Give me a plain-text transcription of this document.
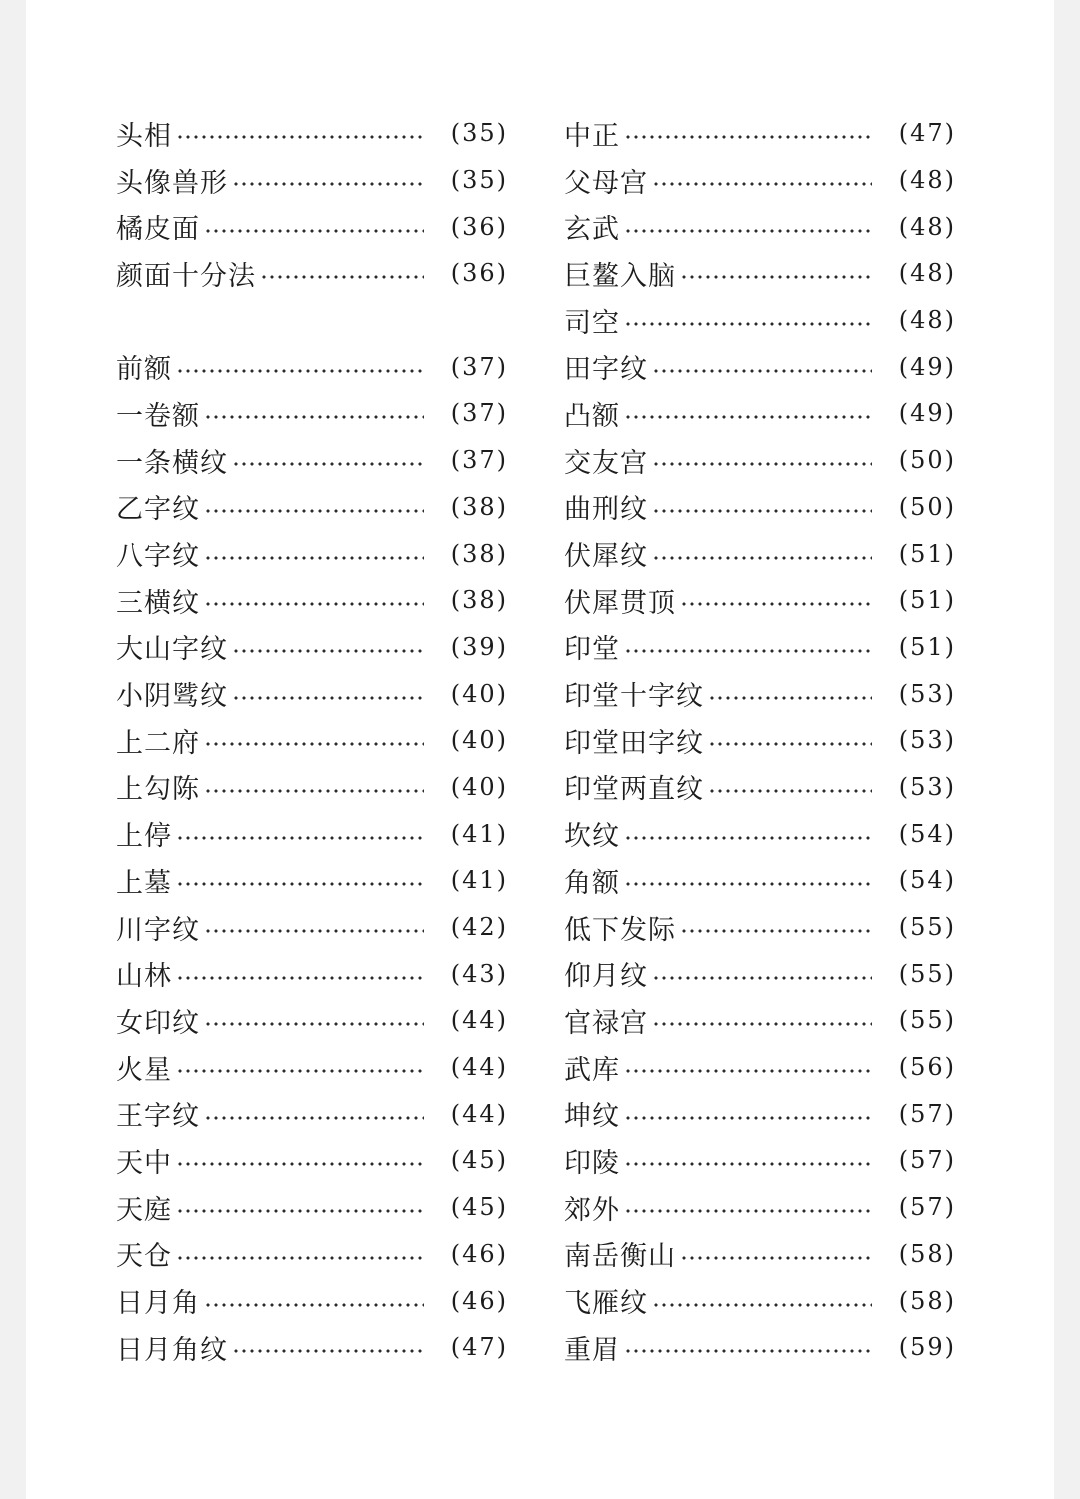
头相	(35)
头像兽形	(35)
橘皮面	(36)
颜面十分法	(36)
前额	(37)
一卷额	(37)
一条横纹	(37)
乙字纹	(38)
八字纹	(38)
三横纹	(38)
大山字纹	(39)
小阴骘纹	(40)
上二府	(40)
上勾陈	(40)
上停	(41)
上墓	(41)
川字纹	(42)
山林	(43)
女印纹	(44)
火星	(44)
王字纹	(44)
天中	(45)
天庭	(45)
天仓	(46)
日月角	(46)
日月角纹	(47)
中正	(47)
父母宫	(48)
玄武	(48)
巨鳌入脑	(48)
司空	(48)
田字纹	(49)
凸额	(49)
交友宫	(50)
曲刑纹	(50)
伏犀纹	(51)
伏犀贯顶	(51)
印堂	(51)
印堂十字纹	(53)
印堂田字纹	(53)
印堂两直纹	(53)
坎纹	(54)
角额	(54)
低下发际	(55)
仰月纹	(55)
官禄宫	(55)
武库	(56)
坤纹	(57)
印陵	(57)
郊外	(57)
南岳衡山	(58)
飞雁纹	(58)
重眉	(59)
